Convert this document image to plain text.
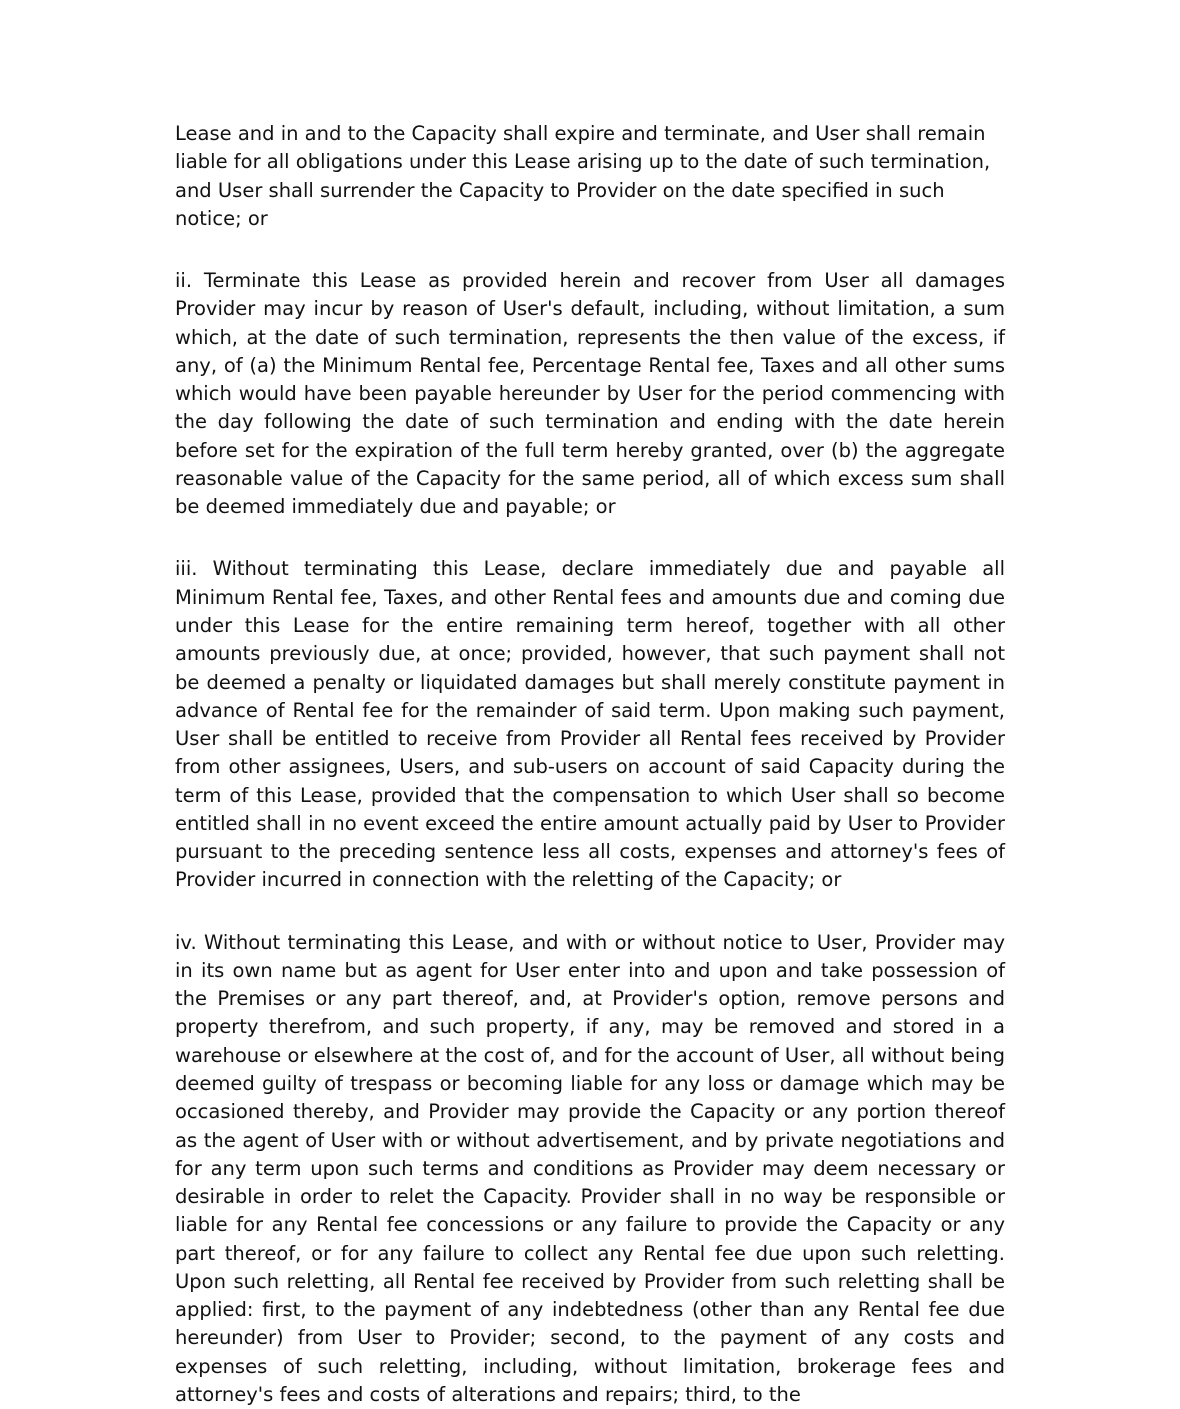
Lease and in and to the Capacity shall expire and terminate, and User shall remain liable for all obligations under this Lease arising up to the date of such termination, and User shall surrender the Capacity to Provider on the date specified in such notice; or

ii. Terminate this Lease as provided herein and recover from User all damages Provider may incur by reason of User's default, including, without limitation, a sum which, at the date of such termination, represents the then value of the excess, if any, of (a) the Minimum Rental fee, Percentage Rental fee, Taxes and all other sums which would have been payable hereunder by User for the period commencing with the day following the date of such termination and ending with the date herein before set for the expiration of the full term hereby granted, over (b) the aggregate reasonable value of the Capacity for the same period, all of which excess sum shall be deemed immediately due and payable; or

iii. Without terminating this Lease, declare immediately due and payable all Minimum Rental fee, Taxes, and other Rental fees and amounts due and coming due under this Lease for the entire remaining term hereof, together with all other amounts previously due, at once; provided, however, that such payment shall not be deemed a penalty or liquidated damages but shall merely constitute payment in advance of Rental fee for the remainder of said term. Upon making such payment, User shall be entitled to receive from Provider all Rental fees received by Provider from other assignees, Users, and sub-users on account of said Capacity during the term of this Lease, provided that the compensation to which User shall so become entitled shall in no event exceed the entire amount actually paid by User to Provider pursuant to the preceding sentence less all costs, expenses and attorney's fees of Provider incurred in connection with the reletting of the Capacity; or

iv. Without terminating this Lease, and with or without notice to User, Provider may in its own name but as agent for User enter into and upon and take possession of the Premises or any part thereof, and, at Provider's option, remove persons and property therefrom, and such property, if any, may be removed and stored in a warehouse or elsewhere at the cost of, and for the account of User, all without being deemed guilty of trespass or becoming liable for any loss or damage which may be occasioned thereby, and Provider may provide the Capacity or any portion thereof as the agent of User with or without advertisement, and by private negotiations and for any term upon such terms and conditions as Provider may deem necessary or desirable in order to relet the Capacity. Provider shall in no way be responsible or liable for any Rental fee concessions or any failure to provide the Capacity or any part thereof, or for any failure to collect any Rental fee due upon such reletting. Upon such reletting, all Rental fee received by Provider from such reletting shall be applied: first, to the payment of any indebtedness (other than any Rental fee due hereunder) from User to Provider; second, to the payment of any costs and expenses of such reletting, including, without limitation, brokerage fees and attorney's fees and costs of alterations and repairs; third, to the
